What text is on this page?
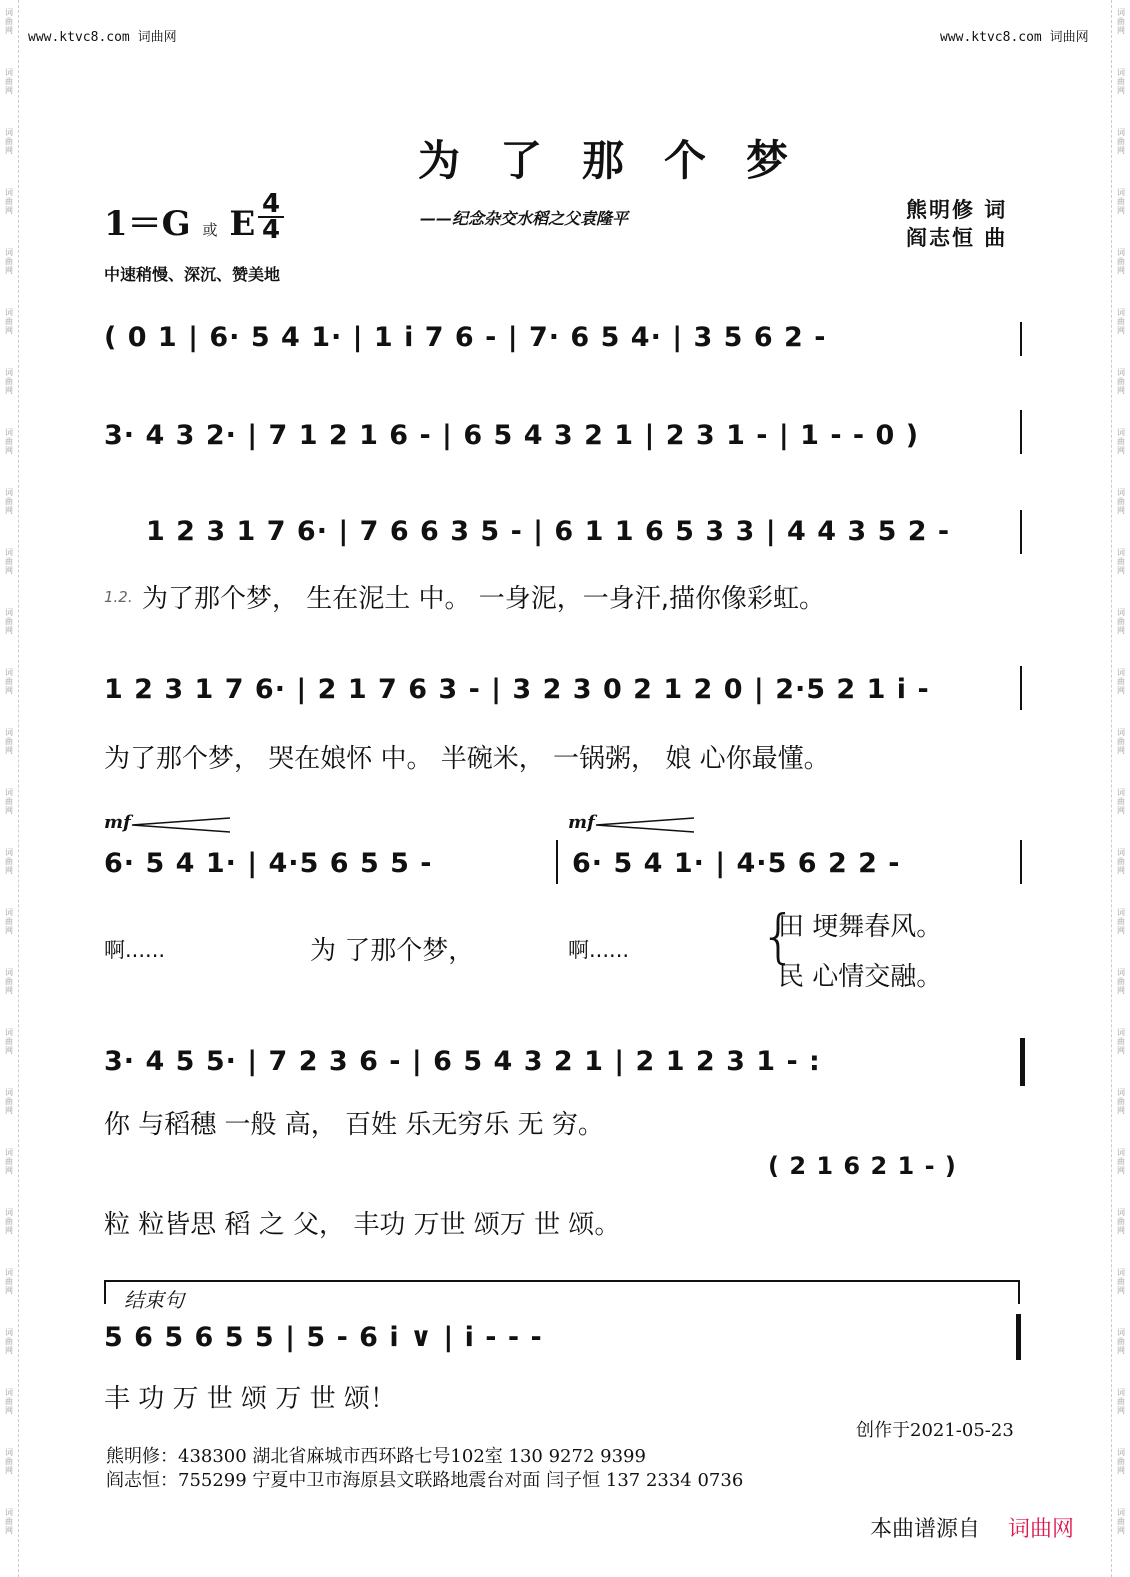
词曲网
词曲网
词曲网
词曲网
词曲网
词曲网
词曲网
词曲网
词曲网
词曲网
词曲网
词曲网
词曲网
词曲网
词曲网
词曲网
词曲网
词曲网
词曲网
词曲网
词曲网
词曲网
词曲网
词曲网
词曲网
词曲网
词曲网
词曲网
词曲网
词曲网
词曲网
词曲网
词曲网
词曲网
词曲网
词曲网
词曲网
词曲网
词曲网
词曲网
词曲网
词曲网
词曲网
词曲网
词曲网
词曲网
词曲网
词曲网
词曲网
词曲网
词曲网
词曲网
www.ktvc8.com 词曲网	www.ktvc8.com 词曲网
为了那个梦
1＝G 或 E 4
4	——纪念杂交水稻之父袁隆平	熊明修 词
阎志恒 曲
中速稍慢、深沉、赞美地
( 0 1 | 6· 5 4 1· | 1 i 7 6 - | 7· 6 5 4· | 3 5 6 2 -
3· 4 3 2· | 7 1 2 1 6 - | 6 5 4 3 2 1 | 2 3 1 - | 1 - - 0 )
1 2 3 1 7 6· | 7 6 6 3 5 - | 6 1 1 6 5 3 3 | 4 4 3 5 2 -
1.2. 为了那个梦， 生在泥土 中。 一身泥，一身汗,描你像彩虹。
1 2 3 1 7 6· | 2 1 7 6 3 - | 3 2 3 0 2 1 2 0 | 2·5 2 1 i -
为了那个梦， 哭在娘怀 中。 半碗米， 一锅粥， 娘 心你最懂。
mf	mf
6· 5 4 1· | 4·5 6 5 5 -	6· 5 4 1· | 4·5 6 2 2 -
啊......	为 了那个梦，	啊...... {
田 埂舞春风。
民 心情交融。
3· 4 5 5· | 7 2 3 6 - | 6 5 4 3 2 1 | 2 1 2 3 1 - :
你 与稻穗 一般 高， 百姓 乐无穷乐 无 穷。
( 2 1 6 2 1 - )
粒 粒皆思 稻 之 父， 丰功 万世 颂万 世 颂。
结束句
5 6 5 6 5 5 | 5 - 6 i ∨ | i - - -
丰 功 万 世 颂 万 世 颂！
创作于2021-05-23
熊明修：438300 湖北省麻城市西环路七号102室 130 9272 9399
阎志恒：755299 宁夏中卫市海原县文联路地震台对面 闫子恒 137 2334 0736
本曲谱源自 词曲网
